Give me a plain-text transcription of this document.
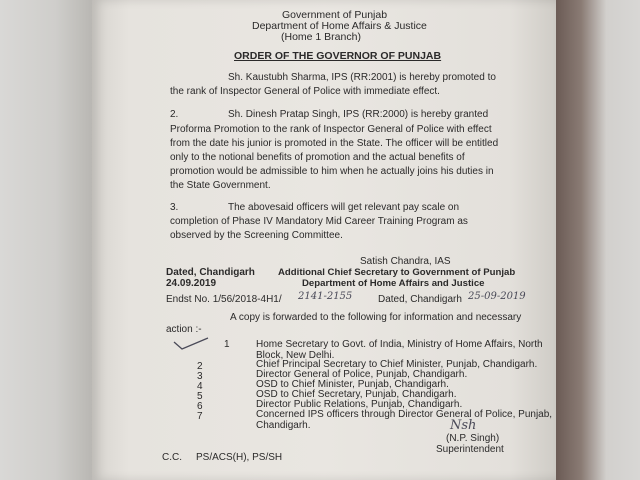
Government of Punjab
Department of Home Affairs & Justice
(Home 1 Branch)
ORDER OF THE GOVERNOR OF PUNJAB
Sh. Kaustubh Sharma, IPS (RR:2001) is hereby promoted to
the rank of Inspector General of Police with immediate effect.
2.	Sh. Dinesh Pratap Singh, IPS (RR:2000) is hereby granted
Proforma Promotion to the rank of Inspector General of Police with effect
from the date his junior is promoted in the State. The officer will be entitled
only to the notional benefits of promotion and the actual benefits of
promotion would be admissible to him when he actually joins his duties in
the State Government.
3.	The abovesaid officers will get relevant pay scale on
completion of Phase IV Mandatory Mid Career Training Program as
observed by the Screening Committee.
Satish Chandra, IAS
Dated, Chandigarh Additional Chief Secretary to Government of Punjab
24.09.2019	Department of Home Affairs and Justice
Endst No. 1/56/2018-4H1/ 2141-2155	Dated, Chandigarh 25-09-2019
A copy is forwarded to the following for information and necessary
action :-
1	Home Secretary to Govt. of India, Ministry of Home Affairs, North
Block, New Delhi.
2	Chief Principal Secretary to Chief Minister, Punjab, Chandigarh.
3	Director General of Police, Punjab, Chandigarh.
4	OSD to Chief Minister, Punjab, Chandigarh.
5	OSD to Chief Secretary, Punjab, Chandigarh.
6	Director Public Relations, Punjab, Chandigarh.
7	Concerned IPS officers through Director General of Police, Punjab,
Chandigarh.	Nsh
(N.P. Singh)
Superintendent
C.C. PS/ACS(H), PS/SH
